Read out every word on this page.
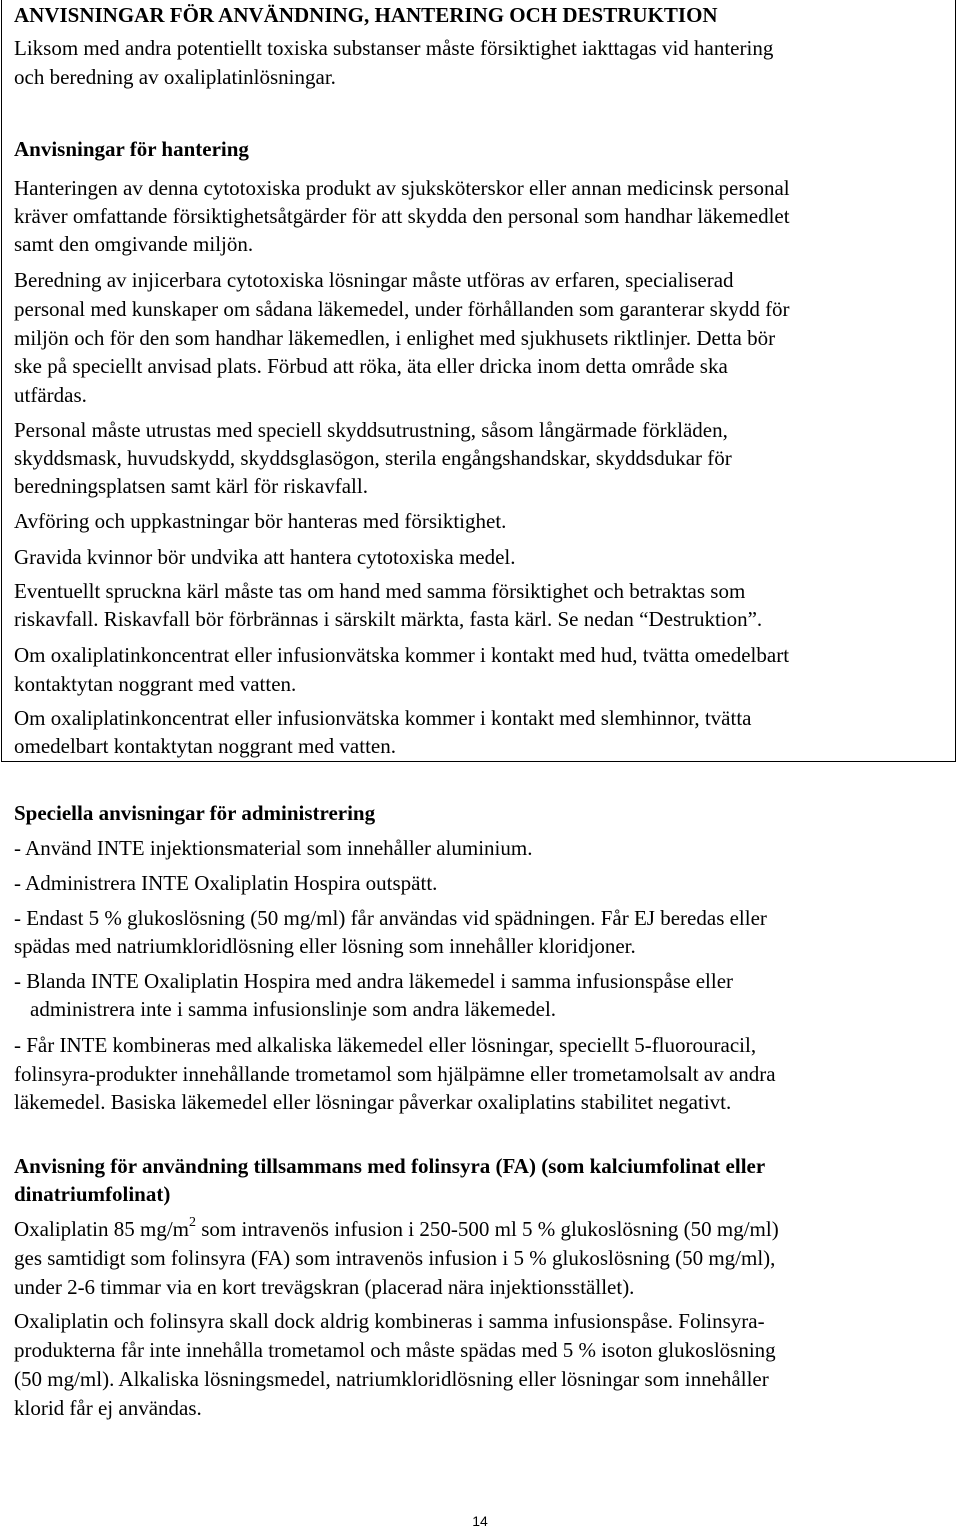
ANVISNINGAR FÖR ANVÄNDNING, HANTERING OCH DESTRUKTION

Liksom med andra potentiellt toxiska substanser måste försiktighet iakttagas vid hantering

och beredning av oxaliplatinlösningar.

Anvisningar för hantering

Hanteringen av denna cytotoxiska produkt av sjuksköterskor eller annan medicinsk personal

kräver omfattande försiktighetsåtgärder för att skydda den personal som handhar läkemedlet

samt den omgivande miljön.

Beredning av injicerbara cytotoxiska lösningar måste utföras av erfaren, specialiserad

personal med kunskaper om sådana läkemedel, under förhållanden som garanterar skydd för

miljön och för den som handhar läkemedlen, i enlighet med sjukhusets riktlinjer. Detta bör

ske på speciellt anvisad plats. Förbud att röka, äta eller dricka inom detta område ska

utfärdas.

Personal måste utrustas med speciell skyddsutrustning, såsom långärmade förkläden,

skyddsmask, huvudskydd, skyddsglasögon, sterila engångshandskar, skyddsdukar för

beredningsplatsen samt kärl för riskavfall.

Avföring och uppkastningar bör hanteras med försiktighet.

Gravida kvinnor bör undvika att hantera cytotoxiska medel.

Eventuellt spruckna kärl måste tas om hand med samma försiktighet och betraktas som

riskavfall. Riskavfall bör förbrännas i särskilt märkta, fasta kärl. Se nedan “Destruktion”.

Om oxaliplatinkoncentrat eller infusionvätska kommer i kontakt med hud, tvätta omedelbart

kontaktytan noggrant med vatten.

Om oxaliplatinkoncentrat eller infusionvätska kommer i kontakt med slemhinnor, tvätta

omedelbart kontaktytan noggrant med vatten.

Speciella anvisningar för administrering

- Använd INTE injektionsmaterial som innehåller aluminium.

- Administrera INTE Oxaliplatin Hospira outspätt.

- Endast 5 % glukoslösning (50 mg/ml) får användas vid spädningen. Får EJ beredas eller

spädas med natriumkloridlösning eller lösning som innehåller kloridjoner.

- Blanda INTE Oxaliplatin Hospira med andra läkemedel i samma infusionspåse eller

administrera inte i samma infusionslinje som andra läkemedel.

- Får INTE kombineras med alkaliska läkemedel eller lösningar, speciellt 5-fluorouracil,

folinsyra-produkter innehållande trometamol som hjälpämne eller trometamolsalt av andra

läkemedel. Basiska läkemedel eller lösningar påverkar oxaliplatins stabilitet negativt.

Anvisning för användning tillsammans med folinsyra (FA) (som kalciumfolinat eller

dinatriumfolinat)

Oxaliplatin 85 $mg/m^2$ som intravenös infusion i 250-500 ml 5 % glukoslösning (50 mg/ml)

ges samtidigt som folinsyra (FA) som intravenös infusion i 5 % glukoslösning (50 mg/ml),

under 2-6 timmar via en kort trevägskran (placerad nära injektionsstället).

Oxaliplatin och folinsyra skall dock aldrig kombineras i samma infusionspåse. Folinsyra-

produkterna får inte innehålla trometamol och måste spädas med 5 % isoton glukoslösning

(50 mg/ml). Alkaliska lösningsmedel, natriumkloridlösning eller lösningar som innehåller

klorid får ej användas.

14
